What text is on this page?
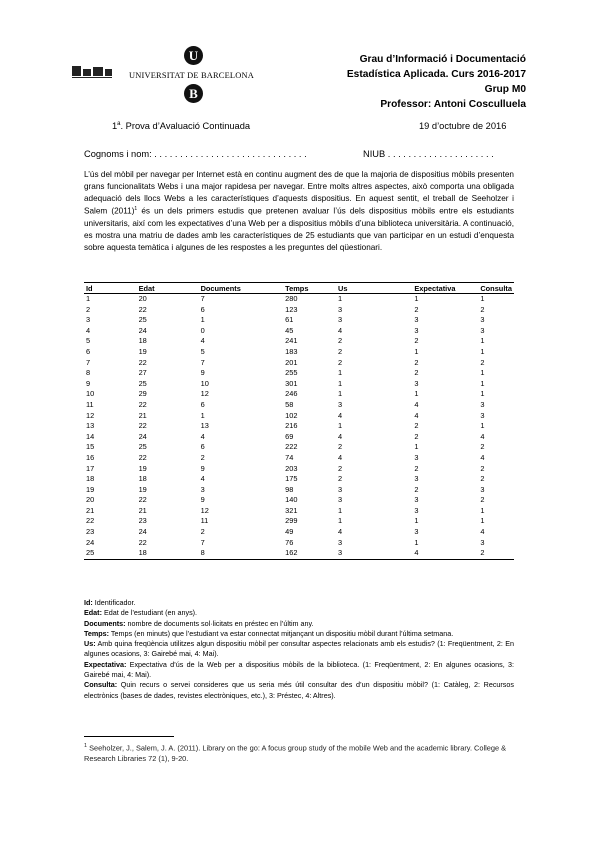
U
UNIVERSITAT DE BARCELONA
B
Grau d’Informació i Documentació
Estadística Aplicada. Curs 2016-2017
Grup M0
Professor: Antoni Cosculluela
1$^a$. Prova d’Avaluació Continuada	19 d’octubre de 2016
Cognoms i nom: . . . . . . . . . . . . . . . . . . . . . . . . . . . . . .	NIUB . . . . . . . . . . . . . . . . . . . . .
L’ús del mòbil per navegar per Internet està en continu augment des de que la majoria de dispositius mòbils presenten grans funcionalitats Webs i una major rapidesa per navegar. Entre molts altres aspectes, això comporta una obligada adequació dels llocs Webs a les característiques d’aquests dispositius. En aquest sentit, el treball de Seeholzer i Salem $(2011)^1$ és un dels primers estudis que pretenen avaluar l’ús dels dispositius mòbils entre els estudiants universitaris, així com les expectatives d’una Web per a dispositius mòbils d’una biblioteca universitària. A continuació, es mostra una matriu de dades amb les característiques de 25 estudiants que van participar en un estudi d’enquesta sobre aquesta temàtica i algunes de les respostes a les preguntes del qüestionari.
Id	Edat	Documents	Temps	Us	Expectativa	Consulta
1	20	7	280	1	1	1
2	22	6	123	3	2	2
3	25	1	61	3	3	3
4	24	0	45	4	3	3
5	18	4	241	2	2	1
6	19	5	183	2	1	1
7	22	7	201	2	2	2
8	27	9	255	1	2	1
9	25	10	301	1	3	1
10	29	12	246	1	1	1
11	22	6	58	3	4	3
12	21	1	102	4	4	3
13	22	13	216	1	2	1
14	24	4	69	4	2	4
15	25	6	222	2	1	2
16	22	2	74	4	3	4
17	19	9	203	2	2	2
18	18	4	175	2	3	2
19	19	3	98	3	2	3
20	22	9	140	3	3	2
21	21	12	321	1	3	1
22	23	11	299	1	1	1
23	24	2	49	4	3	4
24	22	7	76	3	1	3
25	18	8	162	3	4	2

Id: Identificador.

Edat: Edat de l’estudiant (en anys).

Documents: nombre de documents sol·licitats en préstec en l’últim any.

Temps: Temps (en minuts) que l’estudiant va estar connectat mitjançant un dispositiu mòbil durant l’última setmana.

Us: Amb quina freqüència utilitzes algun dispositiu mòbil per consultar aspectes relacionats amb els estudis? (1: Freqüentment, 2: En algunes ocasions, 3: Gairebé mai, 4: Mai).

Expectativa: Expectativa d’ús de la Web per a dispositius mòbils de la biblioteca. (1: Freqüentment, 2: En algunes ocasions, 3: Gairebé mai, 4: Mai).

Consulta: Quin recurs o servei consideres que us seria més útil consultar des d’un dispositiu mòbil? (1: Catàleg, 2: Recursos electrònics (bases de dades, revistes electròniques, etc.), 3: Préstec, 4: Altres).

$^1$ Seeholzer, J., Salem, J. A. (2011). Library on the go: A focus group study of the mobile Web and the academic library. College & Research Libraries 72 (1), 9-20.
